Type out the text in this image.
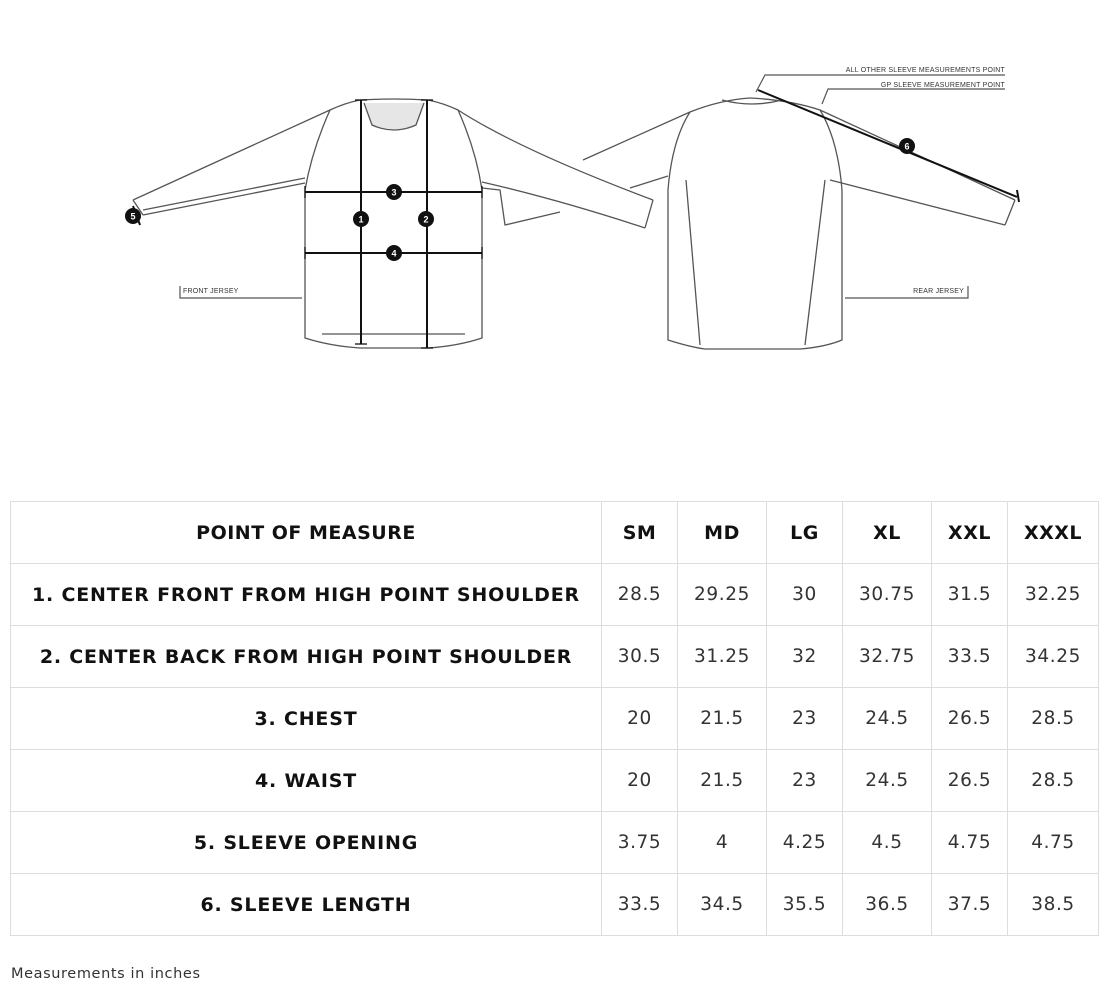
ALL OTHER SLEEVE MEASUREMENTS POINT
GP SLEEVE MEASUREMENT POINT
FRONT JERSEY	REAR JERSEY
1	2
3
4
5
6
POINT OF MEASURE	SM	MD	LG	XL	XXL	XXXL
1. CENTER FRONT FROM HIGH POINT SHOULDER	28.5	29.25	30	30.75	31.5	32.25
2. CENTER BACK FROM HIGH POINT SHOULDER	30.5	31.25	32	32.75	33.5	34.25
3. CHEST	20	21.5	23	24.5	26.5	28.5
4. WAIST	20	21.5	23	24.5	26.5	28.5
5. SLEEVE OPENING	3.75	4	4.25	4.5	4.75	4.75
6. SLEEVE LENGTH	33.5	34.5	35.5	36.5	37.5	38.5
Measurements in inches
